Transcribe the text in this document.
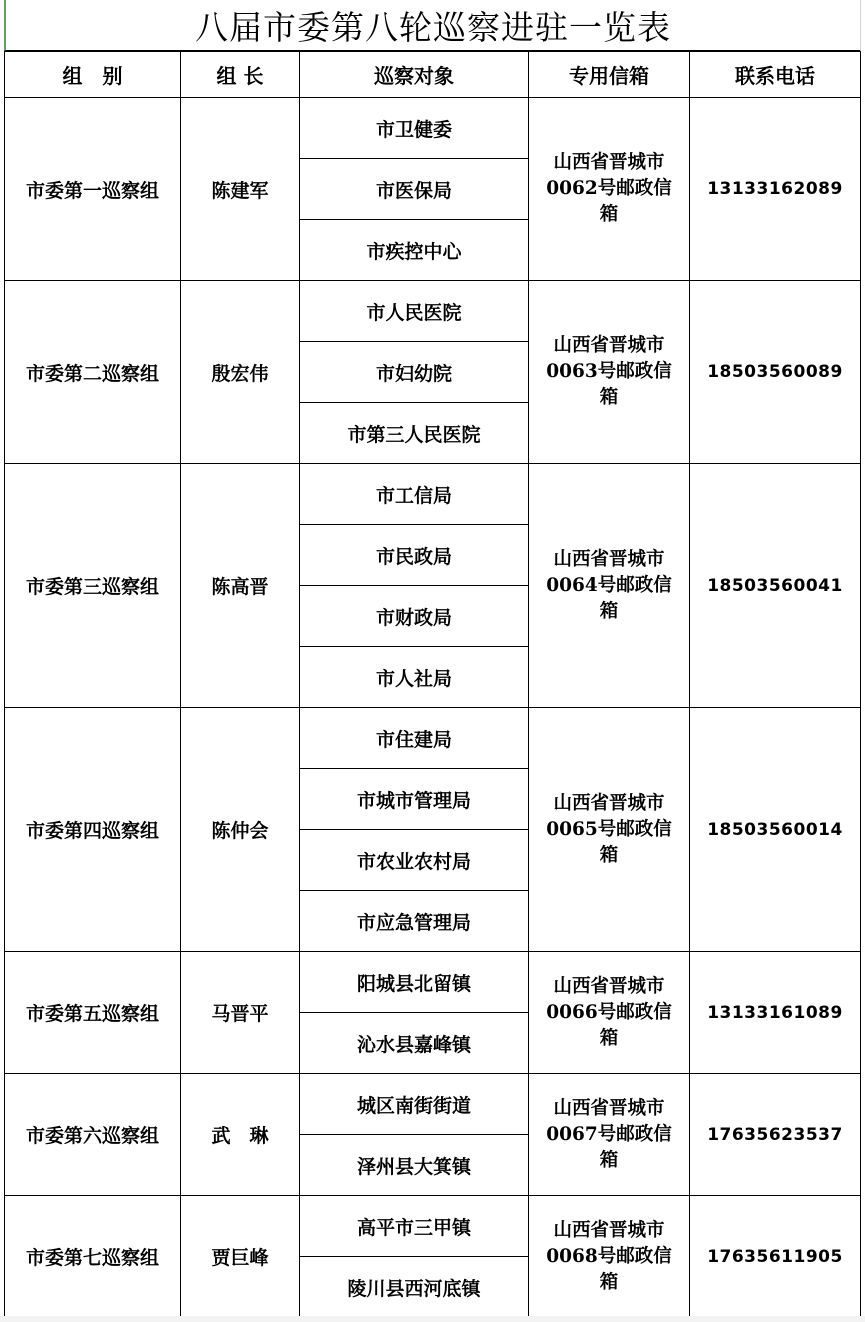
八届市委第八轮巡察进驻一览表
组　别	组 长	巡察对象	专用信箱	联系电话
市委第一巡察组	陈建军	市卫健委	山西省晋城市0062号邮政信箱	13133162089
		市医保局		
		市疾控中心		
市委第二巡察组	殷宏伟	市人民医院	山西省晋城市0063号邮政信箱	18503560089
		市妇幼院		
		市第三人民医院		
市委第三巡察组	陈高晋	市工信局	山西省晋城市0064号邮政信箱	18503560041
		市民政局		
		市财政局		
		市人社局		
市委第四巡察组	陈仲会	市住建局	山西省晋城市0065号邮政信箱	18503560014
		市城市管理局		
		市农业农村局		
		市应急管理局		
市委第五巡察组	马晋平	阳城县北留镇	山西省晋城市0066号邮政信箱	13133161089
		沁水县嘉峰镇		
市委第六巡察组	武　琳	城区南街街道	山西省晋城市0067号邮政信箱	17635623537
		泽州县大箕镇		
市委第七巡察组	贾巨峰	高平市三甲镇	山西省晋城市0068号邮政信箱	17635611905
		陵川县西河底镇		
